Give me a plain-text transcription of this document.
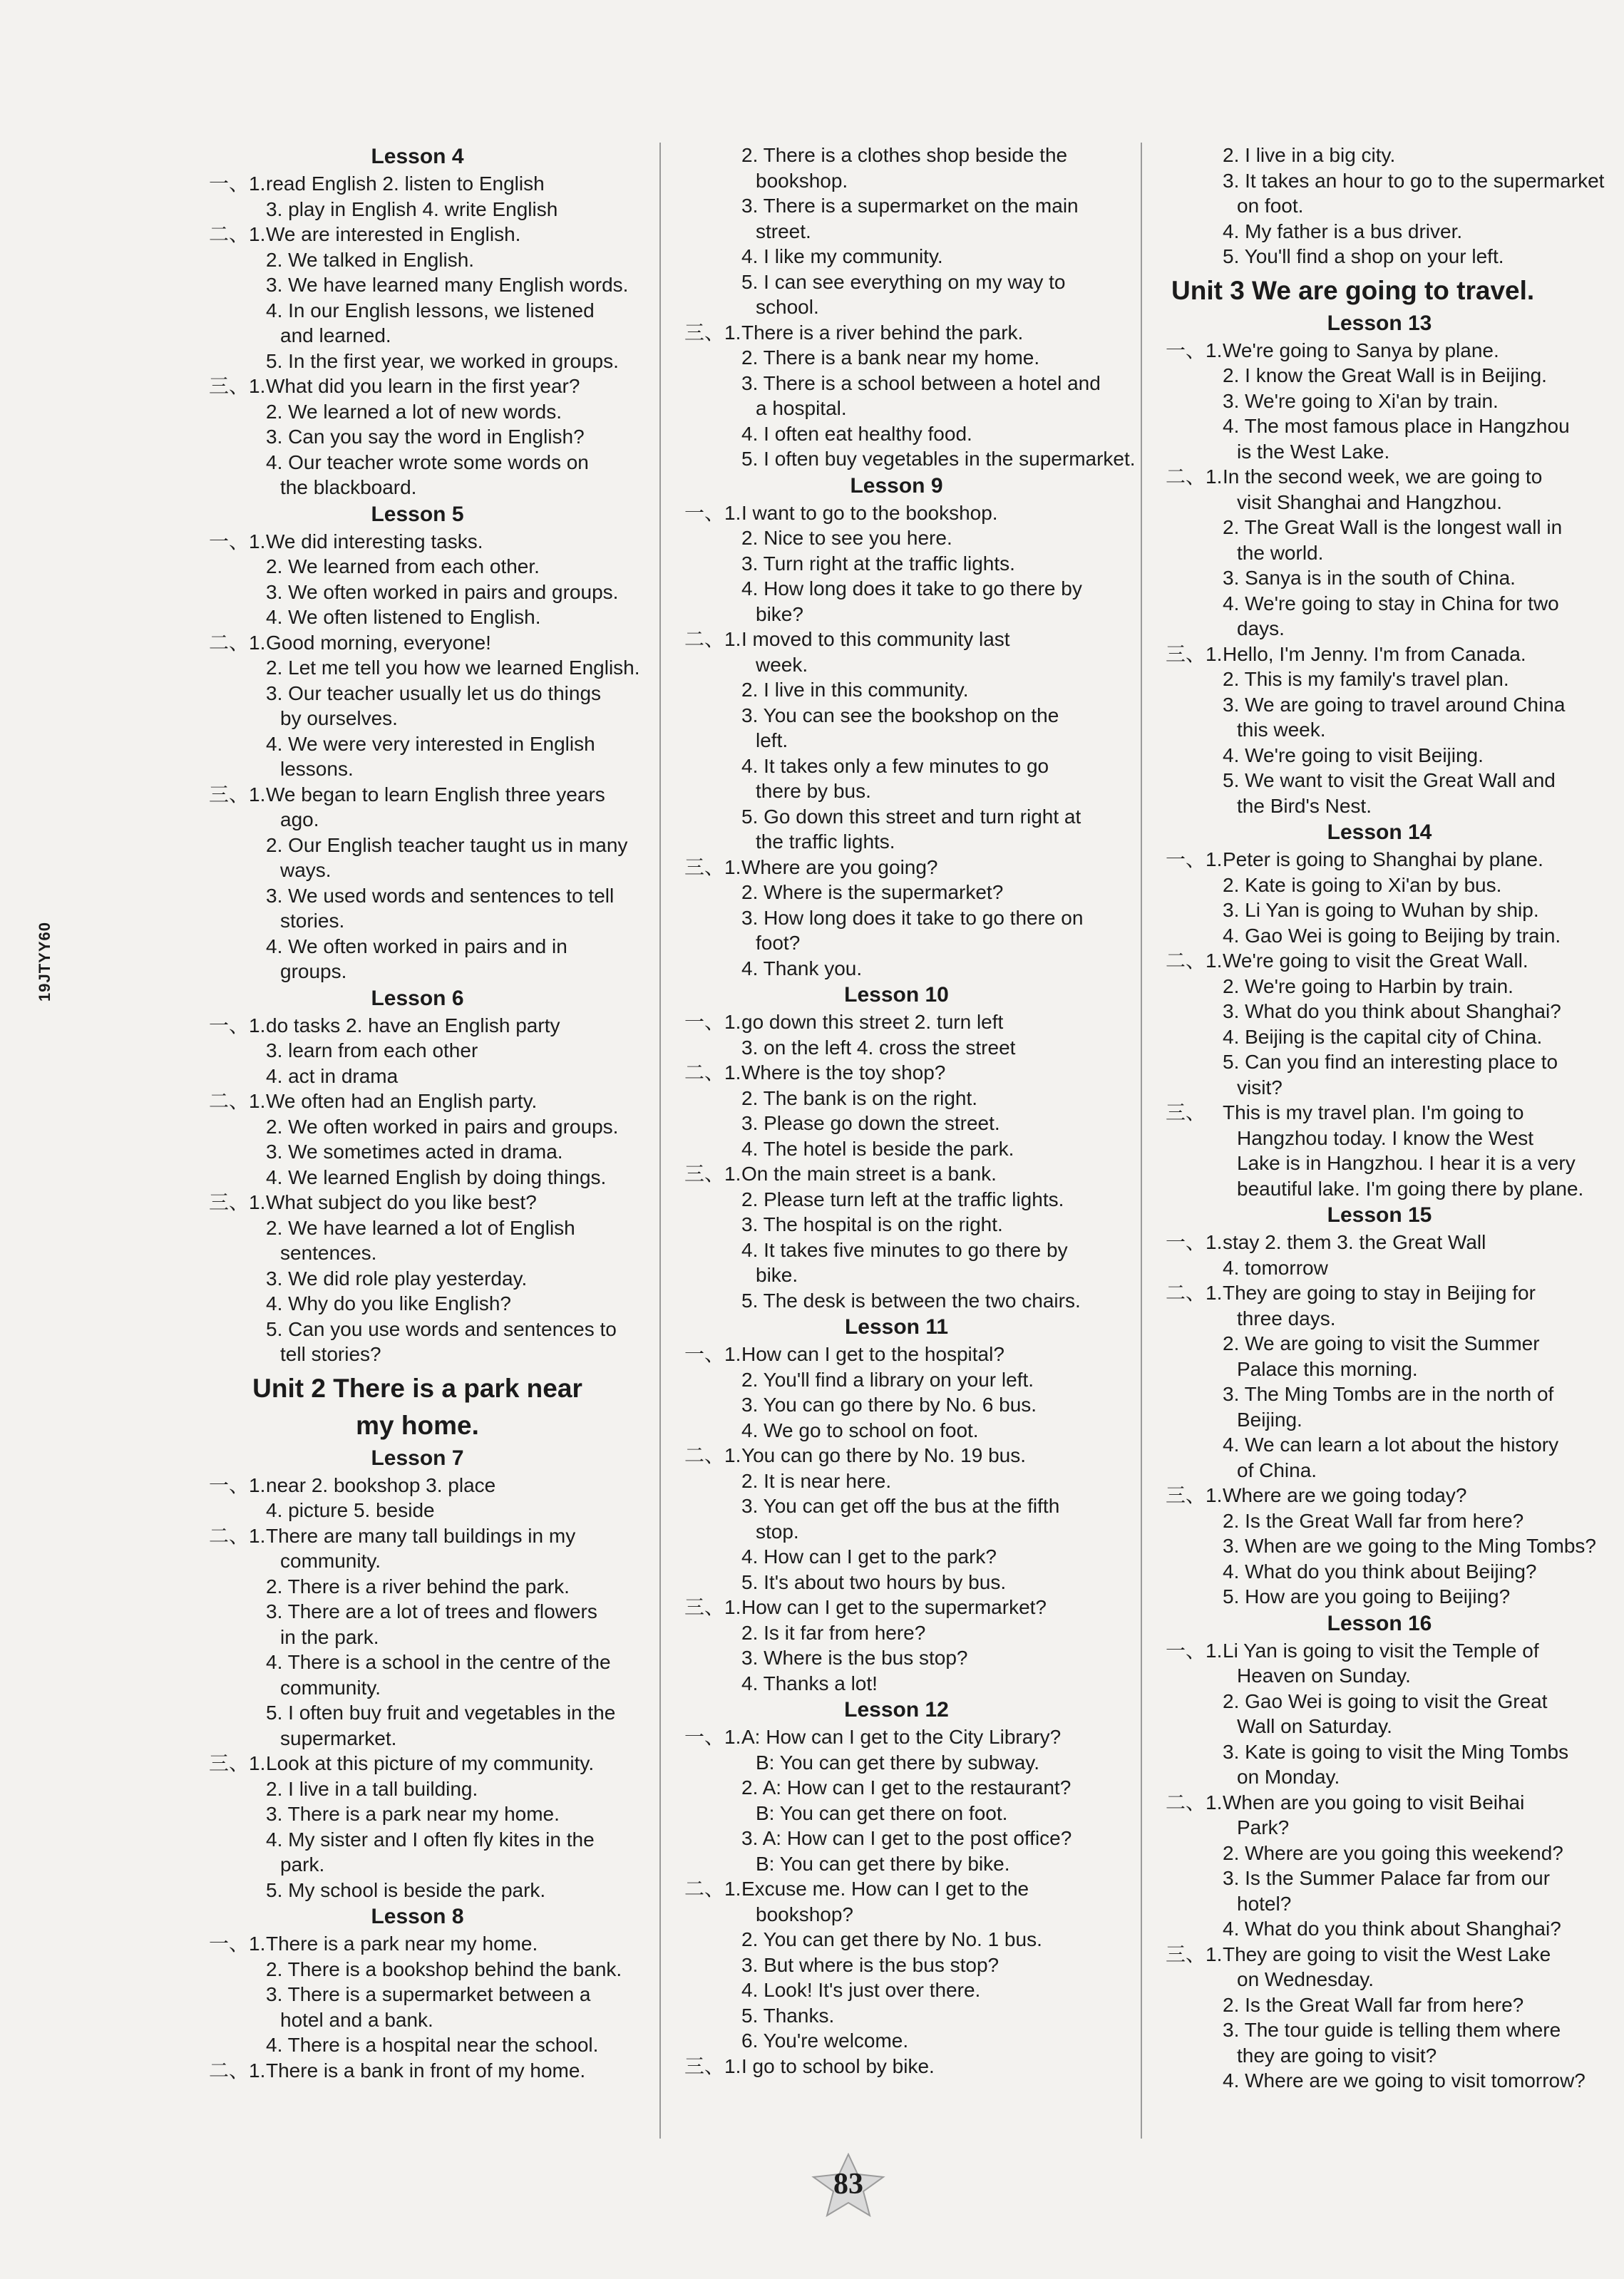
Lesson 4
一、1.read English 2. listen to English
3. play in English 4. write English
二、1.We are interested in English.
2. We talked in English.
3. We have learned many English words.
4. In our English lessons, we listened
and learned.
5. In the first year, we worked in groups.
三、1.What did you learn in the first year?
2. We learned a lot of new words.
3. Can you say the word in English?
4. Our teacher wrote some words on
the blackboard.
Lesson 5
一、1.We did interesting tasks.
2. We learned from each other.
3. We often worked in pairs and groups.
4. We often listened to English.
二、1.Good morning, everyone!
2. Let me tell you how we learned English.
3. Our teacher usually let us do things
by ourselves.
4. We were very interested in English
lessons.
三、1.We began to learn English three years
ago.
2. Our English teacher taught us in many
ways.
3. We used words and sentences to tell
stories.
4. We often worked in pairs and in
groups.
Lesson 6
一、1.do tasks 2. have an English party
3. learn from each other
4. act in drama
二、1.We often had an English party.
2. We often worked in pairs and groups.
3. We sometimes acted in drama.
4. We learned English by doing things.
三、1.What subject do you like best?
2. We have learned a lot of English
sentences.
3. We did role play yesterday.
4. Why do you like English?
5. Can you use words and sentences to
tell stories?
Unit 2 There is a park near
my home.
Lesson 7
一、1.near 2. bookshop 3. place
4. picture 5. beside
二、1.There are many tall buildings in my
community.
2. There is a river behind the park.
3. There are a lot of trees and flowers
in the park.
4. There is a school in the centre of the
community.
5. I often buy fruit and vegetables in the
supermarket.
三、1.Look at this picture of my community.
2. I live in a tall building.
3. There is a park near my home.
4. My sister and I often fly kites in the
park.
5. My school is beside the park.
Lesson 8
一、1.There is a park near my home.
2. There is a bookshop behind the bank.
3. There is a supermarket between a
hotel and a bank.
4. There is a hospital near the school.
二、1.There is a bank in front of my home.
2. There is a clothes shop beside the
bookshop.
3. There is a supermarket on the main
street.
4. I like my community.
5. I can see everything on my way to
school.
三、1.There is a river behind the park.
2. There is a bank near my home.
3. There is a school between a hotel and
a hospital.
4. I often eat healthy food.
5. I often buy vegetables in the supermarket.
Lesson 9
一、1.I want to go to the bookshop.
2. Nice to see you here.
3. Turn right at the traffic lights.
4. How long does it take to go there by
bike?
二、1.I moved to this community last
week.
2. I live in this community.
3. You can see the bookshop on the
left.
4. It takes only a few minutes to go
there by bus.
5. Go down this street and turn right at
the traffic lights.
三、1.Where are you going?
2. Where is the supermarket?
3. How long does it take to go there on
foot?
4. Thank you.
Lesson 10
一、1.go down this street 2. turn left
3. on the left 4. cross the street
二、1.Where is the toy shop?
2. The bank is on the right.
3. Please go down the street.
4. The hotel is beside the park.
三、1.On the main street is a bank.
2. Please turn left at the traffic lights.
3. The hospital is on the right.
4. It takes five minutes to go there by
bike.
5. The desk is between the two chairs.
Lesson 11
一、1.How can I get to the hospital?
2. You'll find a library on your left.
3. You can go there by No. 6 bus.
4. We go to school on foot.
二、1.You can go there by No. 19 bus.
2. It is near here.
3. You can get off the bus at the fifth
stop.
4. How can I get to the park?
5. It's about two hours by bus.
三、1.How can I get to the supermarket?
2. Is it far from here?
3. Where is the bus stop?
4. Thanks a lot!
Lesson 12
一、1.A: How can I get to the City Library?
B: You can get there by subway.
2. A: How can I get to the restaurant?
B: You can get there on foot.
3. A: How can I get to the post office?
B: You can get there by bike.
二、1.Excuse me. How can I get to the
bookshop?
2. You can get there by No. 1 bus.
3. But where is the bus stop?
4. Look! It's just over there.
5. Thanks.
6. You're welcome.
三、1.I go to school by bike.
2. I live in a big city.
3. It takes an hour to go to the supermarket
on foot.
4. My father is a bus driver.
5. You'll find a shop on your left.
Unit 3 We are going to travel.
Lesson 13
一、1.We're going to Sanya by plane.
2. I know the Great Wall is in Beijing.
3. We're going to Xi'an by train.
4. The most famous place in Hangzhou
is the West Lake.
二、1.In the second week, we are going to
visit Shanghai and Hangzhou.
2. The Great Wall is the longest wall in
the world.
3. Sanya is in the south of China.
4. We're going to stay in China for two
days.
三、1.Hello, I'm Jenny. I'm from Canada.
2. This is my family's travel plan.
3. We are going to travel around China
this week.
4. We're going to visit Beijing.
5. We want to visit the Great Wall and
the Bird's Nest.
Lesson 14
一、1.Peter is going to Shanghai by plane.
2. Kate is going to Xi'an by bus.
3. Li Yan is going to Wuhan by ship.
4. Gao Wei is going to Beijing by train.
二、1.We're going to visit the Great Wall.
2. We're going to Harbin by train.
3. What do you think about Shanghai?
4. Beijing is the capital city of China.
5. Can you find an interesting place to
visit?
三、 This is my travel plan. I'm going to
Hangzhou today. I know the West
Lake is in Hangzhou. I hear it is a very
beautiful lake. I'm going there by plane.
Lesson 15
一、1.stay 2. them 3. the Great Wall
4. tomorrow
二、1.They are going to stay in Beijing for
three days.
2. We are going to visit the Summer
Palace this morning.
3. The Ming Tombs are in the north of
Beijing.
4. We can learn a lot about the history
of China.
三、1.Where are we going today?
2. Is the Great Wall far from here?
3. When are we going to the Ming Tombs?
4. What do you think about Beijing?
5. How are you going to Beijing?
Lesson 16
一、1.Li Yan is going to visit the Temple of
Heaven on Sunday.
2. Gao Wei is going to visit the Great
Wall on Saturday.
3. Kate is going to visit the Ming Tombs
on Monday.
二、1.When are you going to visit Beihai
Park?
2. Where are you going this weekend?
3. Is the Summer Palace far from our
hotel?
4. What do you think about Shanghai?
三、1.They are going to visit the West Lake
on Wednesday.
2. Is the Great Wall far from here?
3. The tour guide is telling them where
they are going to visit?
4. Where are we going to visit tomorrow?
19JTYY60
83
